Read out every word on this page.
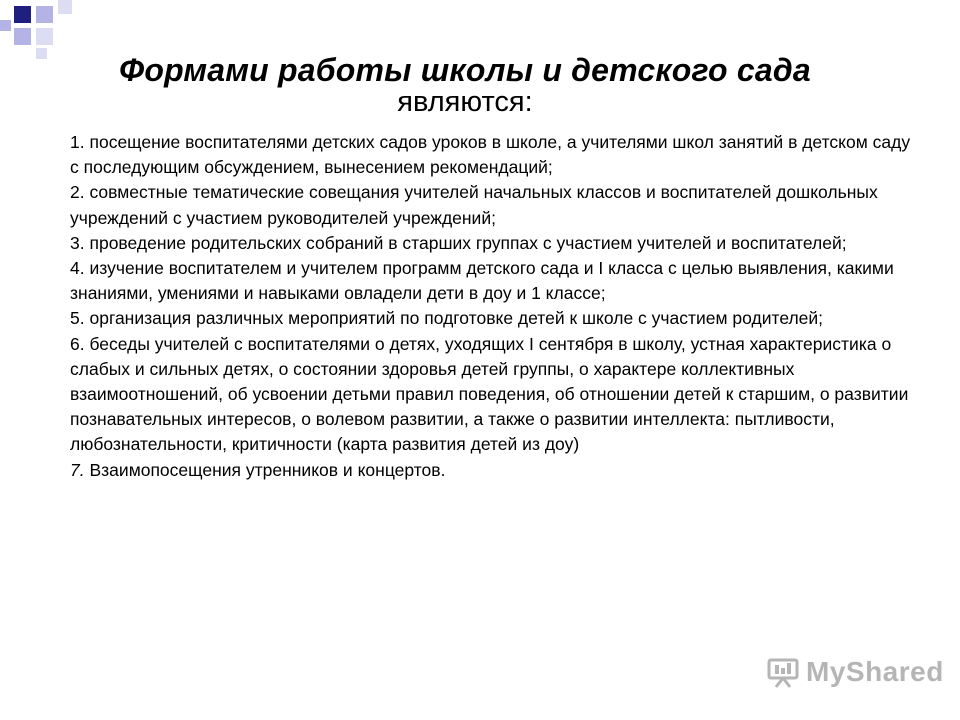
Формами работы школы и детского сада
являются:
1. посещение воспитателями детских садов уроков в школе, а учителями школ занятий в детском саду с последующим обсуждением, вынесением рекомендаций;
2. совместные тематические совещания учителей начальных классов и воспитателей дошкольных учреждений с участием руководителей учреждений;
3. проведение родительских собраний в старших группах с участием учителей и воспитателей;
4. изучение воспитателем и учителем программ детского сада и I класса с целью выявления, какими знаниями, умениями и навыками овладели дети в доу и 1 классе;
5. организация различных мероприятий по подготовке детей к школе с участием родителей;
6. беседы учителей с воспитателями о детях, уходящих I сентября в школу, устная характеристика о слабых и сильных детях, о состоянии здоровья детей группы, о характере коллективных взаимоотношений, об усвоении детьми правил поведения, об отношении детей к старшим, о развитии познавательных интересов, о волевом развитии, а также о развитии интеллекта: пытливости, любознательности, критичности (карта развития детей из доу)
7. Взаимопосещения утренников и концертов.
MyShared
